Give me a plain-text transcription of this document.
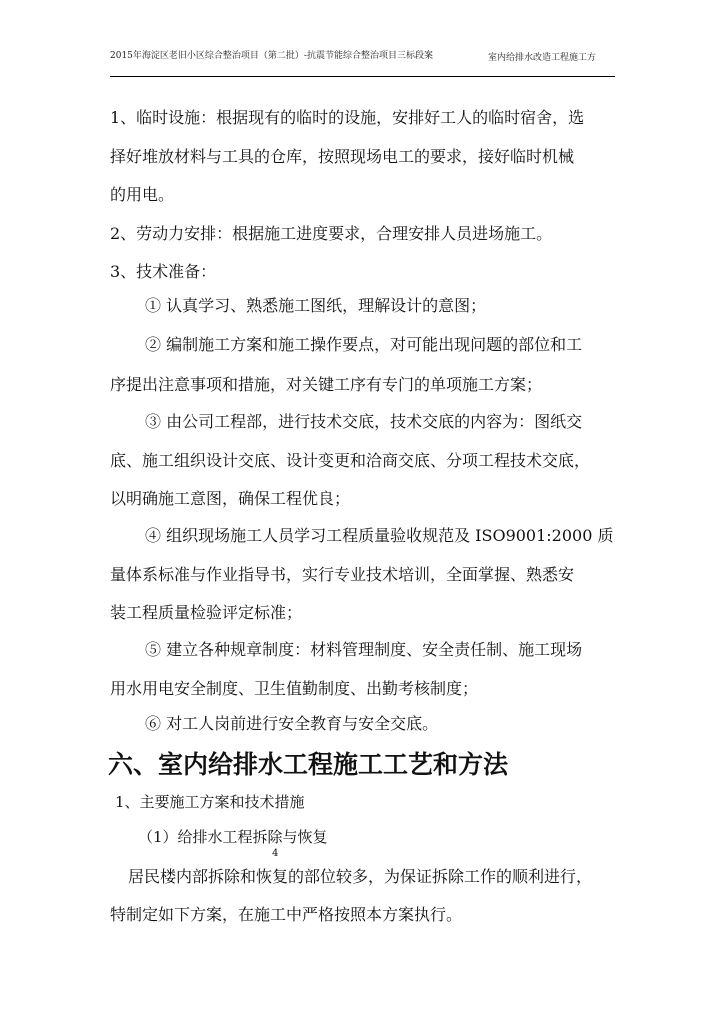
2015年海淀区老旧小区综合整治项目（第二批）-抗震节能综合整治项目三标段案	室内给排水改造工程施工方
1、临时设施：根据现有的临时的设施，安排好工人的临时宿舍，选
择好堆放材料与工具的仓库，按照现场电工的要求，接好临时机械
的用电。
2、劳动力安排：根据施工进度要求，合理安排人员进场施工。
3、技术准备：
① 认真学习、熟悉施工图纸，理解设计的意图；
② 编制施工方案和施工操作要点，对可能出现问题的部位和工
序提出注意事项和措施，对关键工序有专门的单项施工方案；
③ 由公司工程部，进行技术交底，技术交底的内容为：图纸交
底、施工组织设计交底、设计变更和洽商交底、分项工程技术交底，
以明确施工意图，确保工程优良；
④ 组织现场施工人员学习工程质量验收规范及 ISO9001:2000 质
量体系标准与作业指导书，实行专业技术培训，全面掌握、熟悉安
装工程质量检验评定标准；
⑤ 建立各种规章制度：材料管理制度、安全责任制、施工现场
用水用电安全制度、卫生值勤制度、出勤考核制度；
⑥ 对工人岗前进行安全教育与安全交底。
六、室内给排水工程施工工艺和方法
1、主要施工方案和技术措施
（1）给排水工程拆除与恢复
4
居民楼内部拆除和恢复的部位较多，为保证拆除工作的顺利进行，
特制定如下方案，在施工中严格按照本方案执行。
